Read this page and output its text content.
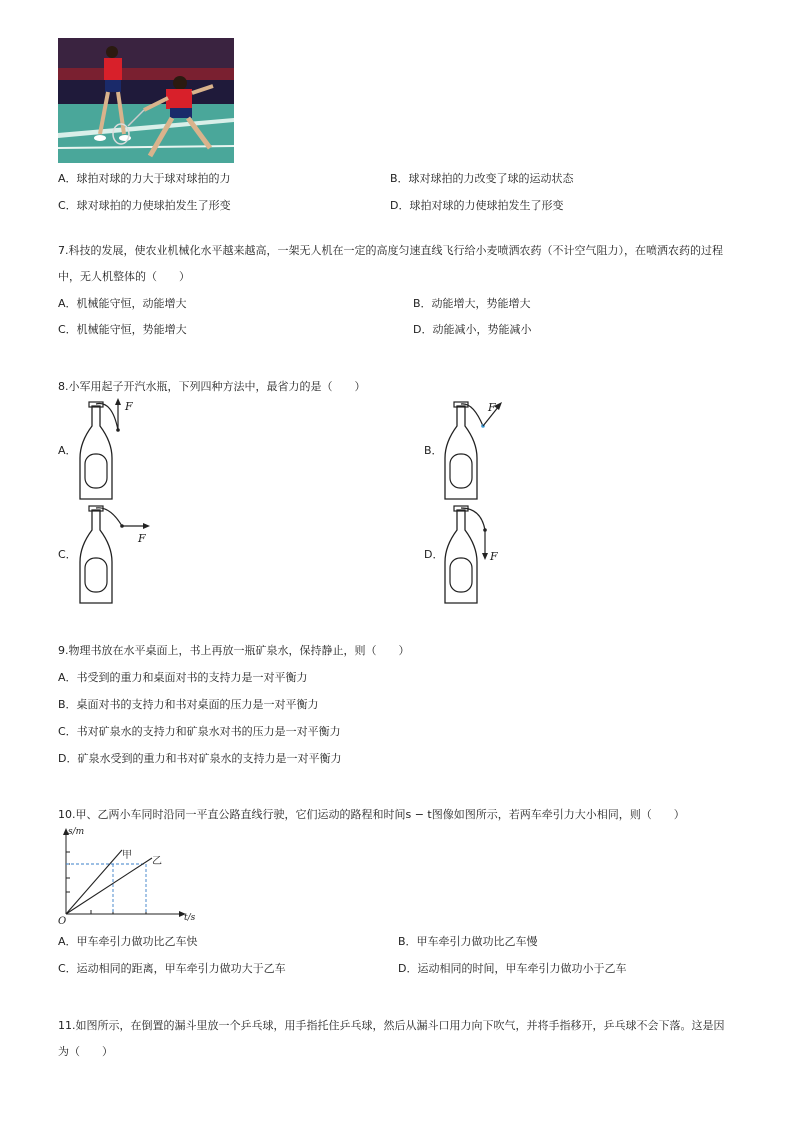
A．球拍对球的力大于球对球拍的力	B．球对球拍的力改变了球的运动状态
C．球对球拍的力使球拍发生了形变	D．球拍对球的力使球拍发生了形变
7.科技的发展，使农业机械化水平越来越高，一架无人机在一定的高度匀速直线飞行给小麦喷洒农药（不计空气阻力），在喷洒农药的过程
中，无人机整体的（　　）
A．机械能守恒，动能增大	B．动能增大，势能增大
C．机械能守恒，势能增大	D．动能减小，势能减小
8.小军用起子开汽水瓶，下列四种方法中，最省力的是（　　）
A．
F
B．
F
C．
F
D．	F
9.物理书放在水平桌面上，书上再放一瓶矿泉水，保持静止，则（　　）
A．书受到的重力和桌面对书的支持力是一对平衡力
B．桌面对书的支持力和书对桌面的压力是一对平衡力
C．书对矿泉水的支持力和矿泉水对书的压力是一对平衡力
D．矿泉水受到的重力和书对矿泉水的支持力是一对平衡力
10.甲、乙两小车同时沿同一平直公路直线行驶，它们运动的路程和时间s − t图像如图所示，若两车牵引力大小相同，则（　　）
s/m
t/s
O
甲
乙
A．甲车牵引力做功比乙车快	B．甲车牵引力做功比乙车慢
C．运动相同的距离，甲车牵引力做功大于乙车	D．运动相同的时间，甲车牵引力做功小于乙车
11.如图所示，在倒置的漏斗里放一个乒乓球，用手指托住乒乓球，然后从漏斗口用力向下吹气，并将手指移开，乒乓球不会下落。这是因
为（　　）
